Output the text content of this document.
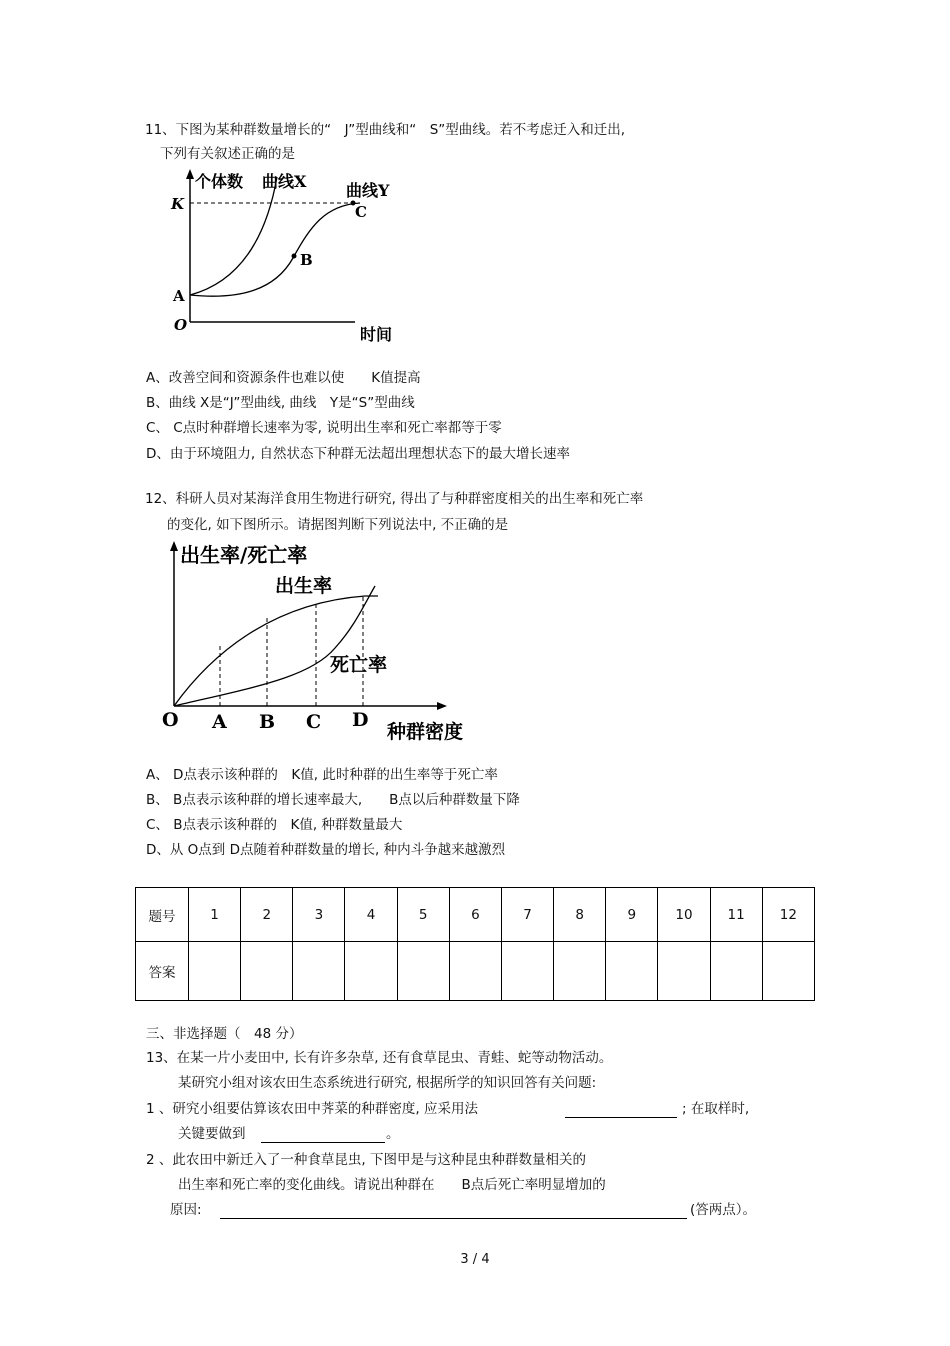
11、下图为某种群数量增长的“　J”型曲线和“　S”型曲线。若不考虑迁入和迁出,
下列有关叙述正确的是
个体数 曲线X 曲线Y
K
A
B
C
O	时间
A、改善空间和资源条件也难以使　　K值提高
B、曲线 X是“J”型曲线, 曲线　Y是“S”型曲线
C、 C点时种群增长速率为零, 说明出生率和死亡率都等于零
D、由于环境阻力, 自然状态下种群无法超出理想状态下的最大增长速率
12、科研人员对某海洋食用生物进行研究, 得出了与种群密度相关的出生率和死亡率
的变化, 如下图所示。请据图判断下列说法中, 不正确的是
出生率/死亡率
出生率
死亡率
O A B C D
种群密度
A、 D点表示该种群的　K值, 此时种群的出生率等于死亡率
B、 B点表示该种群的增长速率最大,　　B点以后种群数量下降
C、 B点表示该种群的　K值, 种群数量最大
D、从 O点到 D点随着种群数量的增长, 种内斗争越来越激烈
题号	1	2	3	4	5	6	7	8	9	10	11	12
答案												
三、非选择题（　48 分）
13、在某一片小麦田中, 长有许多杂草, 还有食草昆虫、青蛙、蛇等动物活动。
某研究小组对该农田生态系统进行研究, 根据所学的知识回答有关问题:
1 、研究小组要估算该农田中荠菜的种群密度, 应采用法	; 在取样时,
关键要做到	。
2 、此农田中新迁入了一种食草昆虫, 下图甲是与这种昆虫种群数量相关的
出生率和死亡率的变化曲线。请说出种群在　　B点后死亡率明显增加的
原因:	(答两点）。
3 / 4
